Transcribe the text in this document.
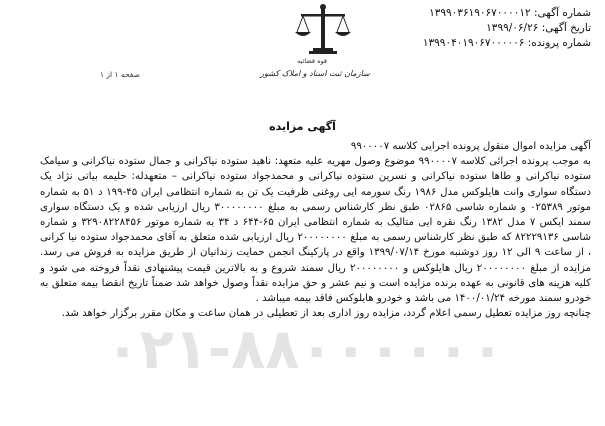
۰۲۱-۸۸۰۰۰۰۰۰
شماره آگهی: ۱۳۹۹۰۳۶۱۹۰۶۷۰۰۰۰۱۲
تاریخ آگهی: ۱۳۹۹/۰۶/۲۶
شماره پرونده: ۱۳۹۹۰۴۰۱۹۰۶۷۰۰۰۰۰۶
قوه قضائیه
سازمان ثبت اسناد و املاک کشور
صفحه ۱ از ۱
آگهی مزایده

آگهی مزایده اموال منقول پرونده اجرایی کلاسه ۹۹۰۰۰۰۷

به موجب پرونده اجرائی کلاسه ۹۹۰۰۰۰۷ موضوع وصول مهریه علیه متعهد: ناهید ستوده نیاکرانی و جمال ستوده نیاکرانی و سیامک ستوده نیاکرانی و طاها ستوده نیاکرانی و نسرین ستوده نیاکرانی و محمدجواد ستوده نیاکرانی – متعهدله: حلیمه بیاتی نژاد یک دستگاه سواری وانت هایلوکس مدل ۱۹۸۶ رنگ سورمه ایی روغنی ظرفیت یک تن به شماره انتظامی ایران ۴۵-۱۹۹ د ۵۱ به شماره موتور ۰۲۵۳۸۹ و شماره شاسی ۰۲۸۶۵ طبق نظر کارشناس رسمی به مبلغ ۳۰۰۰۰۰۰۰۰ ریال ارزیابی شده و یک دستگاه سواری سمند ایکس ۷ مدل ۱۳۸۲ رنگ نقره ایی متالیک به شماره انتظامی ایران ۶۵-۶۴۴ د ۳۴ به شماره موتور ۳۲۹۰۸۲۲۸۴۵۶ و شماره شاسی ۸۲۲۲۹۱۳۶ که طبق نظر کارشناس رسمی به مبلغ ۲۰۰۰۰۰۰۰۰ ریال ارزیابی شده متعلق به آقای محمدجواد ستوده نیا کرانی ، از ساعت ۹ الی ۱۲ روز دوشنبه مورخ ۱۳۹۹/۰۷/۱۴ واقع در پارکینگ انجمن حمایت زندانیان از طریق مزایده به فروش می رسد. مزایده از مبلغ ۲۰۰۰۰۰۰۰۰ ریال هایلوکس و ۲۰۰۰۰۰۰۰۰ ریال سمند شروع و به بالاترین قیمت پیشنهادی نقداً فروخته می شود و کلیه هزینه های قانونی به عهده برنده مزایده است و نیم عشر و حق مزایده نقداً وصول خواهد شد ضمناً تاریخ انقضا بیمه متعلق به خودرو سمند مورخه ۱۴۰۰/۰۱/۲۴ می باشد و خودرو هایلوکس فاقد بیمه میباشد .

چنانچه روز مزایده تعطیل رسمی اعلام گردد، مزایده روز اداری بعد از تعطیلی در همان ساعت و مکان مقرر برگزار خواهد شد.
